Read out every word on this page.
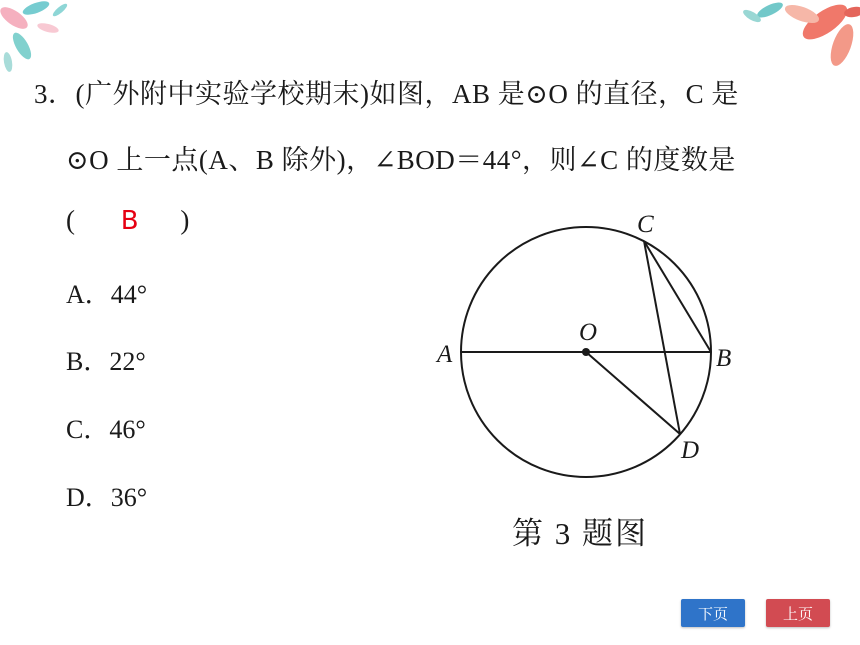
3．(广外附中实验学校期末)如图，AB 是⊙O 的直径，C 是
⊙O 上一点(A、B 除外)，∠BOD＝44°，则∠C 的度数是
( B )
A．44°
B．22°
C．46°
D．36°
C
O
A	B
D
第 3 题图
下页	上页
